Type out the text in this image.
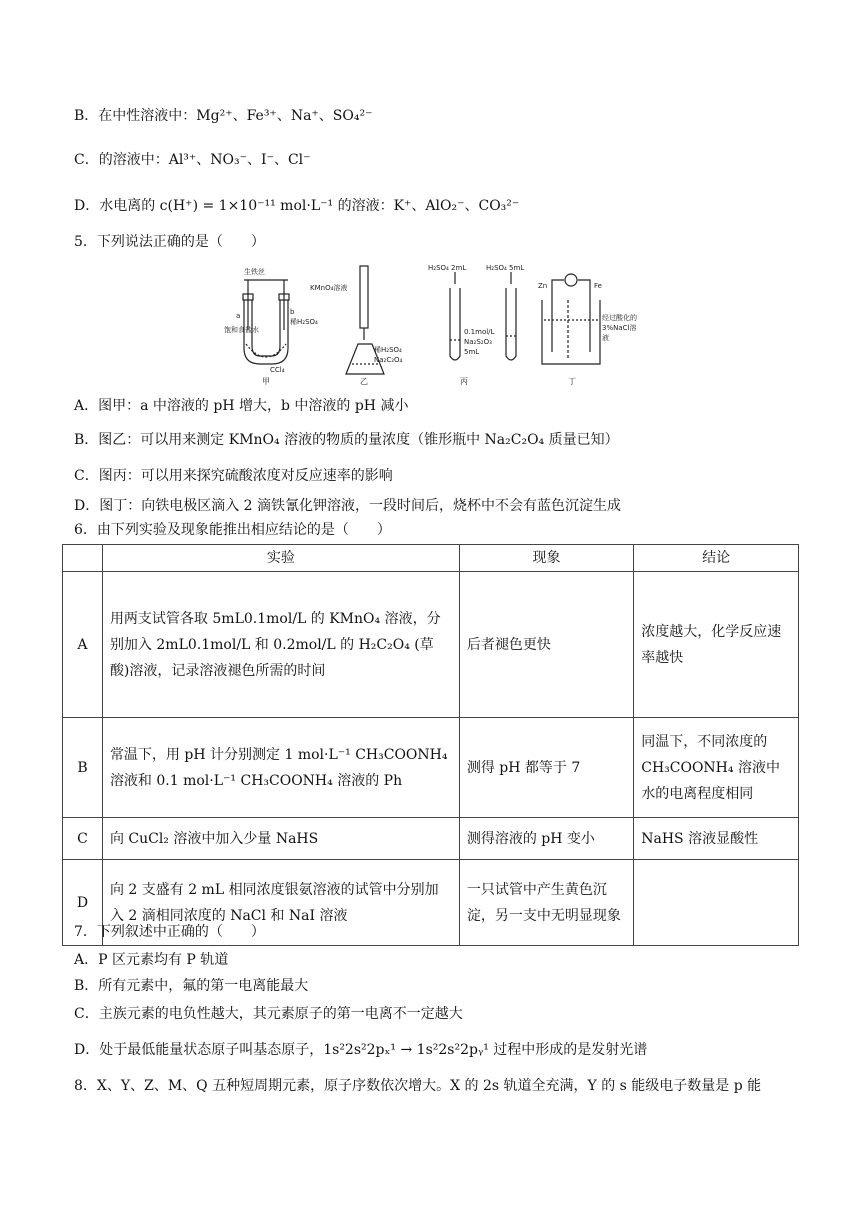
B．在中性溶液中：Mg²⁺、Fe³⁺、Na⁺、SO₄²⁻
C．的溶液中：Al³⁺、NO₃⁻、I⁻、Cl⁻
D．水电离的 c(H⁺) = 1×10⁻¹¹ mol·L⁻¹ 的溶液：K⁺、AlO₂⁻、CO₃²⁻
5．下列说法正确的是（　　）
生铁丝
饱和食盐水
稀H₂SO₄
CCl₄
a	b
甲
KMnO₄溶液
稀H₂SO₄
Na₂C₂O₄
乙
H₂SO₄ 2mL	H₂SO₄ 5mL
0.1mol/L
Na₂S₂O₃
5mL
丙
Zn	Fe
经过酸化的
3%NaCl溶
液
丁
A．图甲：a 中溶液的 pH 增大，b 中溶液的 pH 减小
B．图乙：可以用来测定 KMnO₄ 溶液的物质的量浓度（锥形瓶中 Na₂C₂O₄ 质量已知）
C．图丙：可以用来探究硫酸浓度对反应速率的影响
D．图丁：向铁电极区滴入 2 滴铁氰化钾溶液，一段时间后，烧杯中不会有蓝色沉淀生成
6．由下列实验及现象能推出相应结论的是（　　）
	实验	现象	结论
A	用两支试管各取 5mL0.1mol/L 的 KMnO₄ 溶液，分别加入 2mL0.1mol/L 和 0.2mol/L 的 H₂C₂O₄ (草酸)溶液，记录溶液褪色所需的时间	后者褪色更快	浓度越大，化学反应速率越快
B	常温下，用 pH 计分别测定 1 mol·L⁻¹ CH₃COONH₄ 溶液和 0.1 mol·L⁻¹ CH₃COONH₄ 溶液的 Ph	测得 pH 都等于 7	同温下，不同浓度的 CH₃COONH₄ 溶液中水的电离程度相同
C	向 CuCl₂ 溶液中加入少量 NaHS	测得溶液的 pH 变小	NaHS 溶液显酸性
D	向 2 支盛有 2 mL 相同浓度银氨溶液的试管中分别加入 2 滴相同浓度的 NaCl 和 NaI 溶液	一只试管中产生黄色沉淀，另一支中无明显现象	
7．下列叙述中正确的（　　）
A．P 区元素均有 P 轨道
B．所有元素中，氟的第一电离能最大
C．主族元素的电负性越大，其元素原子的第一电离不一定越大
D．处于最低能量状态原子叫基态原子，1s²2s²2pₓ¹ → 1s²2s²2pᵧ¹ 过程中形成的是发射光谱
8．X、Y、Z、M、Q 五种短周期元素，原子序数依次增大。X 的 2s 轨道全充满，Y 的 s 能级电子数量是 p 能
